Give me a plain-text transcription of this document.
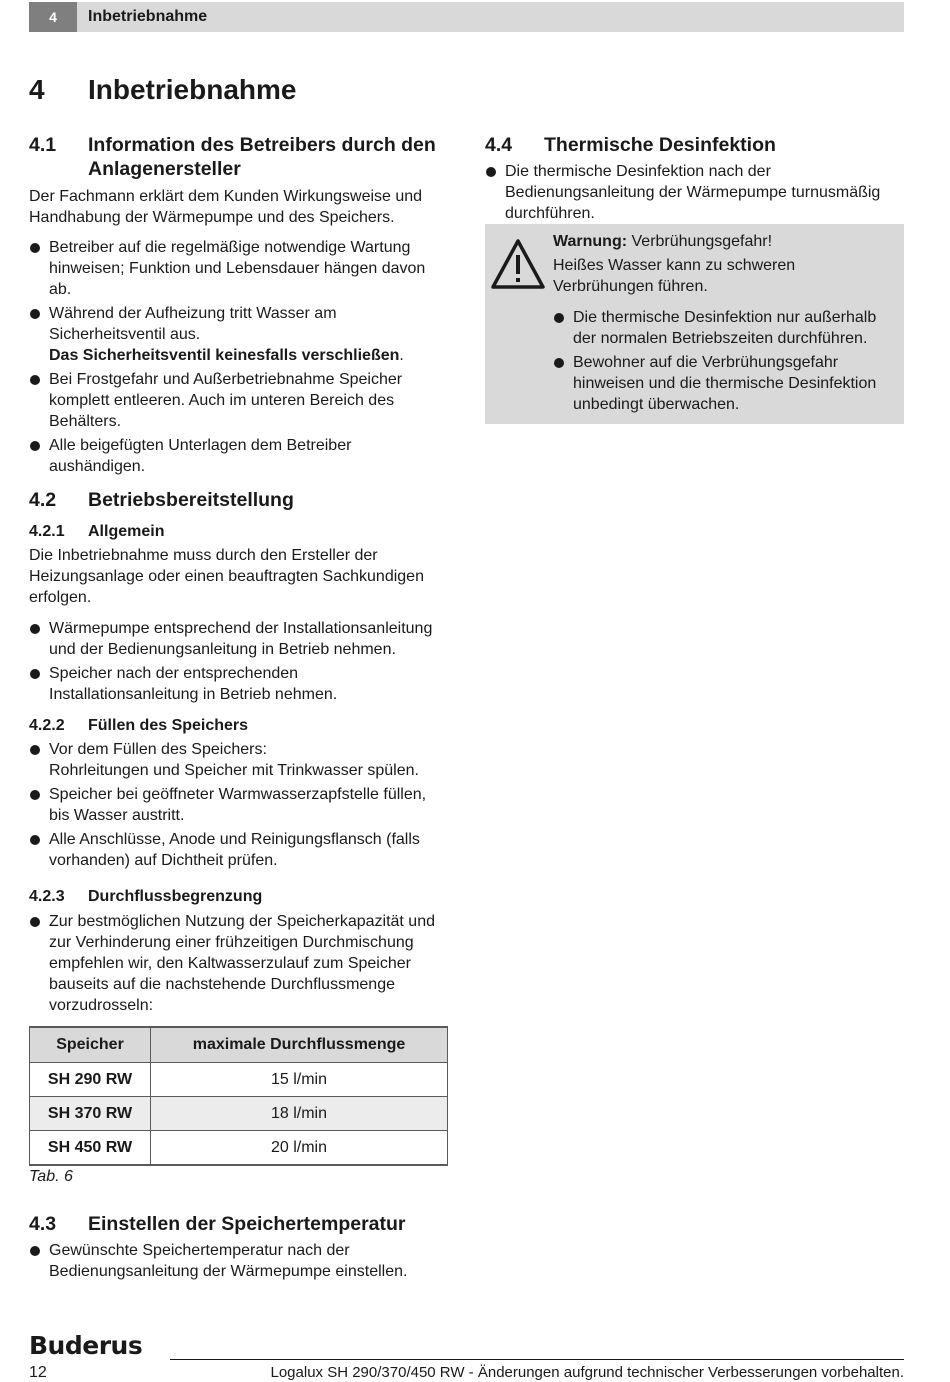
4	Inbetriebnahme
4 Inbetriebnahme
4.1 Information des Betreibers durch den Anlagenersteller
Der Fachmann erklärt dem Kunden Wirkungsweise und Handhabung der Wärmepumpe und des Speichers.
Betreiber auf die regelmäßige notwendige Wartung hinweisen; Funktion und Lebensdauer hängen davon ab.
Während der Aufheizung tritt Wasser am Sicherheitsventil aus.
Das Sicherheitsventil keinesfalls verschließen.
Bei Frostgefahr und Außerbetriebnahme Speicher komplett entleeren. Auch im unteren Bereich des Behälters.
Alle beigefügten Unterlagen dem Betreiber aushändigen.
4.2 Betriebsbereitstellung
4.2.1 Allgemein
Die Inbetriebnahme muss durch den Ersteller der Heizungsanlage oder einen beauftragten Sachkundigen erfolgen.
Wärmepumpe entsprechend der Installationsanleitung und der Bedienungsanleitung in Betrieb nehmen.
Speicher nach der entsprechenden Installationsanleitung in Betrieb nehmen.
4.2.2 Füllen des Speichers
Vor dem Füllen des Speichers:
Rohrleitungen und Speicher mit Trinkwasser spülen.
Speicher bei geöffneter Warmwasserzapfstelle füllen, bis Wasser austritt.
Alle Anschlüsse, Anode und Reinigungsflansch (falls vorhanden) auf Dichtheit prüfen.
4.2.3 Durchflussbegrenzung
Zur bestmöglichen Nutzung der Speicherkapazität und zur Verhinderung einer frühzeitigen Durchmischung empfehlen wir, den Kaltwasserzulauf zum Speicher bauseits auf die nachstehende Durchflussmenge vorzudrosseln:
Speicher	maximale Durchflussmenge
SH 290 RW	15 l/min
SH 370 RW	18 l/min
SH 450 RW	20 l/min
Tab. 6
4.3 Einstellen der Speichertemperatur
Gewünschte Speichertemperatur nach der Bedienungsanleitung der Wärmepumpe einstellen.
4.4 Thermische Desinfektion
Die thermische Desinfektion nach der Bedienungsanleitung der Wärmepumpe turnusmäßig durchführen.
Warnung: Verbrühungsgefahr!
Heißes Wasser kann zu schweren Verbrühungen führen.
Die thermische Desinfektion nur außerhalb der normalen Betriebszeiten durchführen.
Bewohner auf die Verbrühungsgefahr hinweisen und die thermische Desinfektion unbedingt überwachen.
Buderus
12	Logalux SH 290/370/450 RW - Änderungen aufgrund technischer Verbesserungen vorbehalten.
